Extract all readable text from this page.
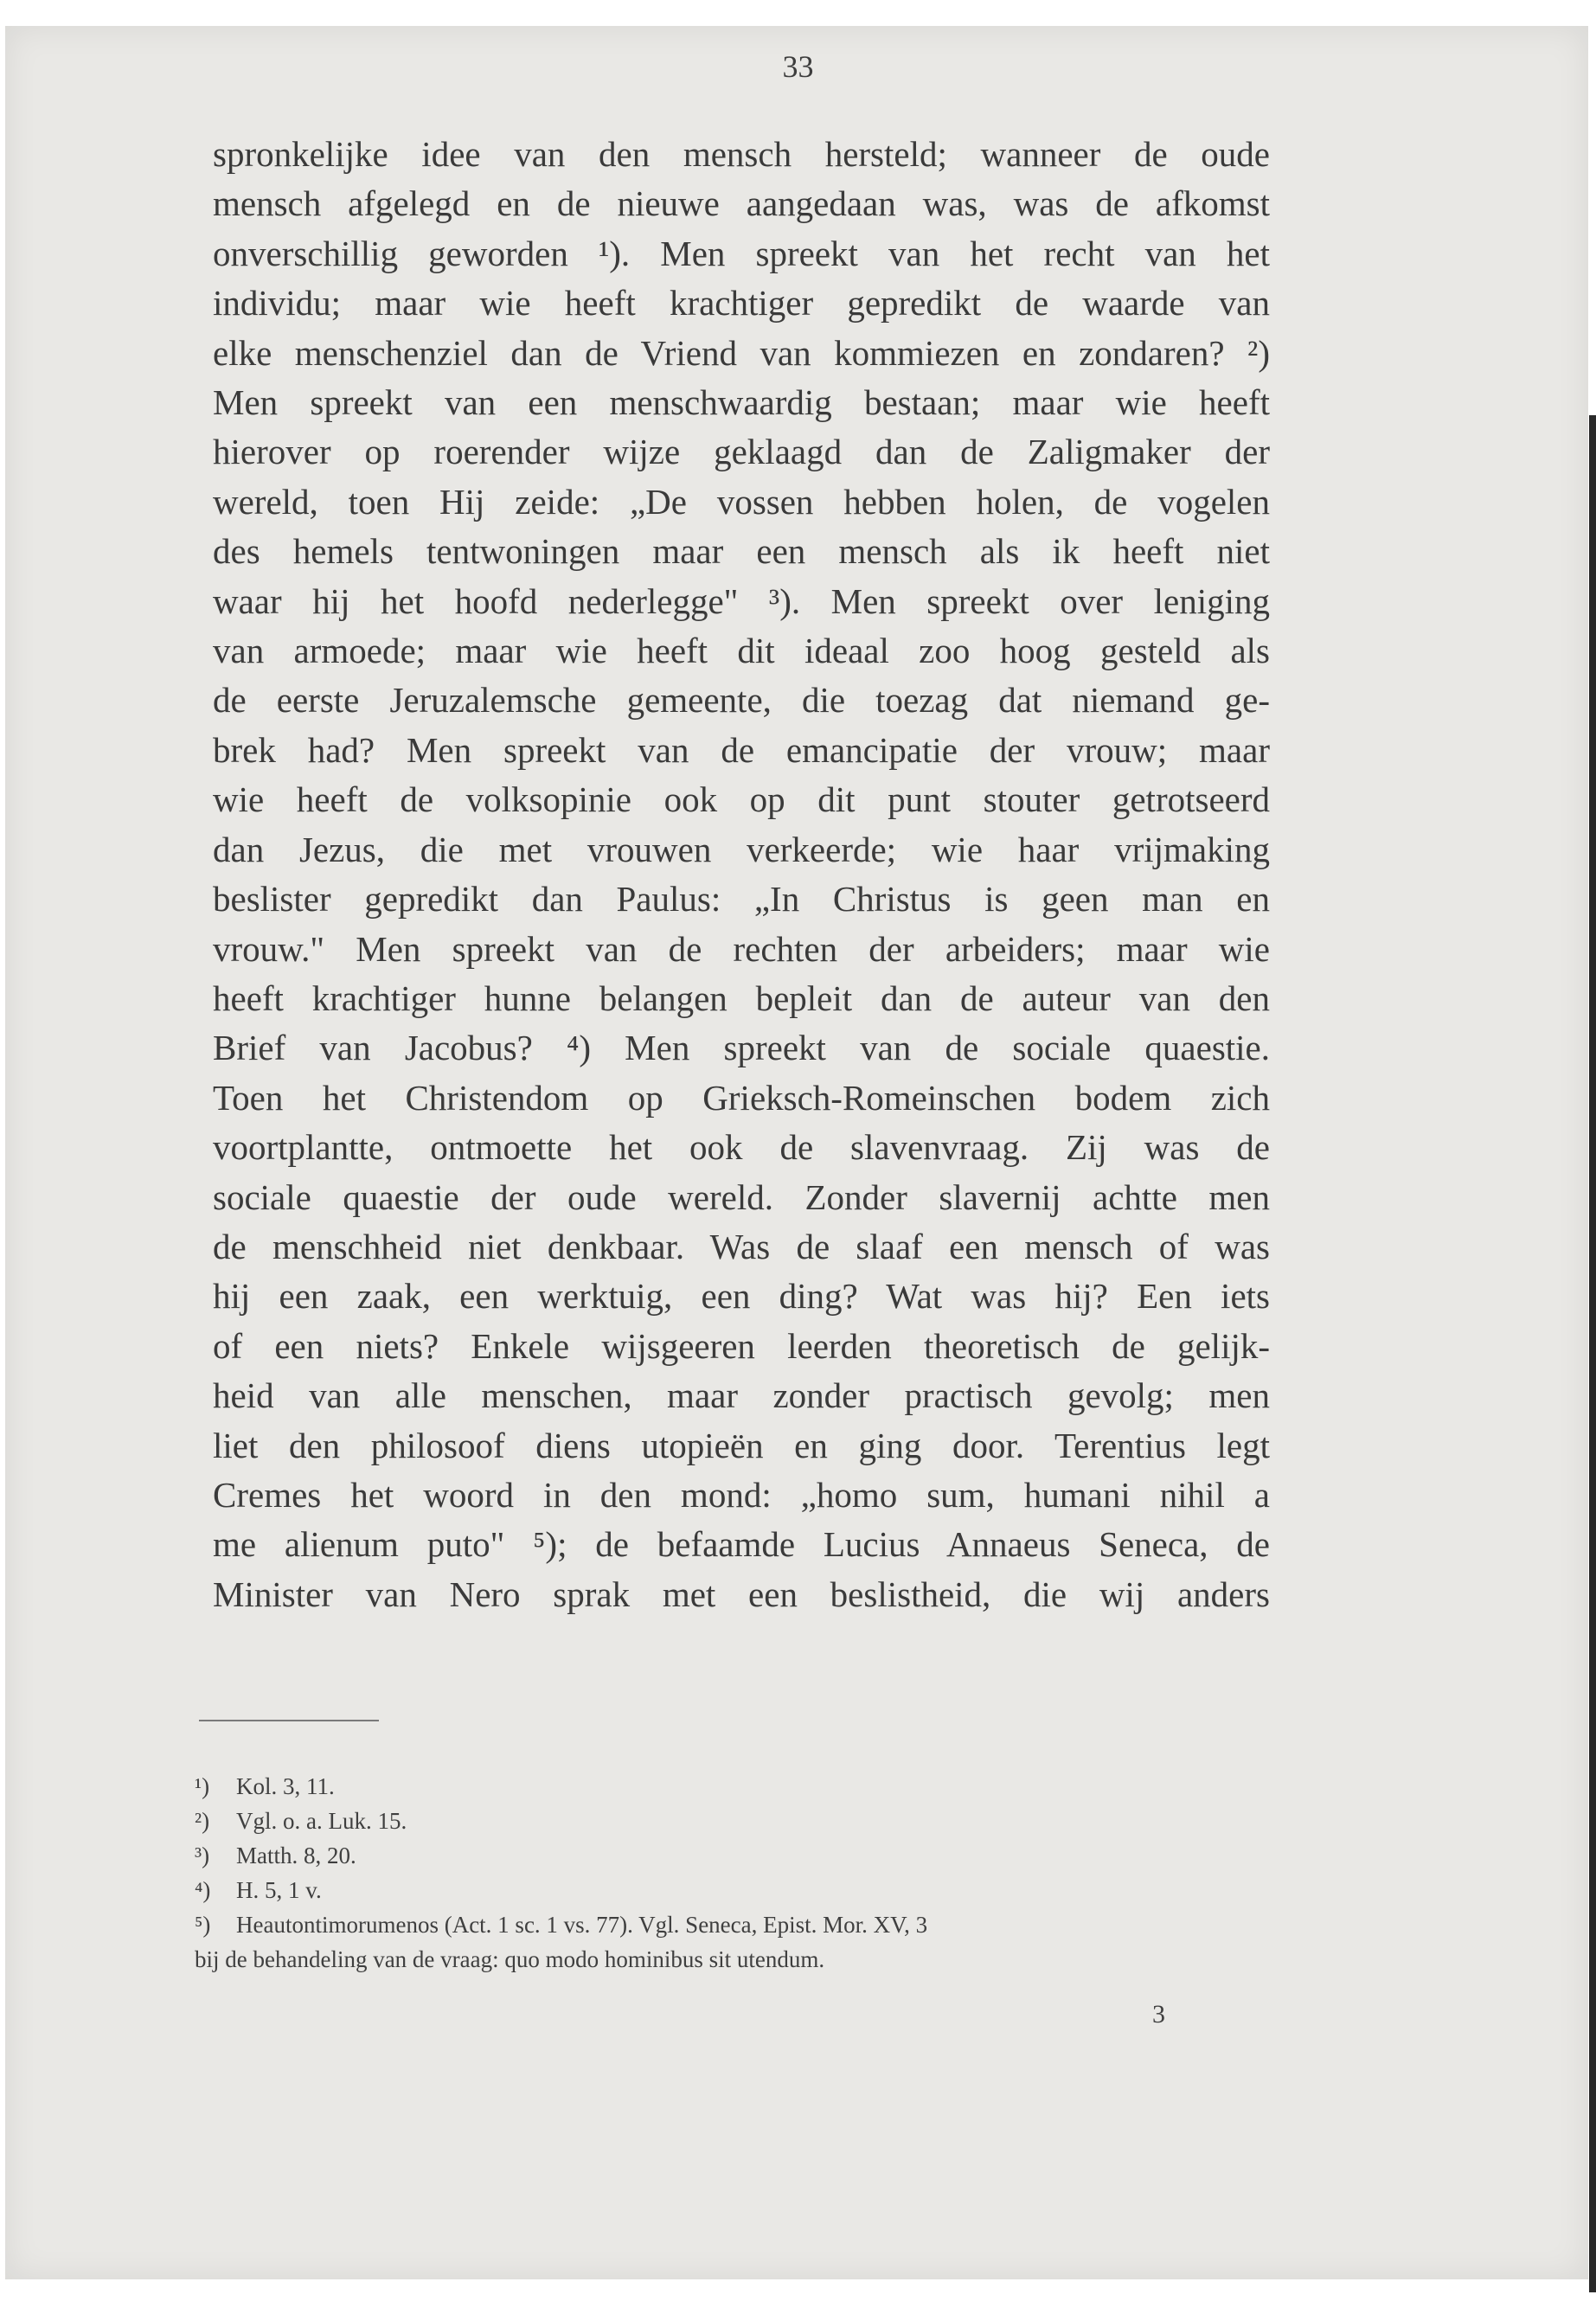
33
spronkelijke idee van den mensch hersteld; wanneer de oude
mensch afgelegd en de nieuwe aangedaan was, was de afkomst
onverschillig geworden ¹). Men spreekt van het recht van het
individu; maar wie heeft krachtiger gepredikt de waarde van
elke menschenziel dan de Vriend van kommiezen en zondaren? ²)
Men spreekt van een menschwaardig bestaan; maar wie heeft
hierover op roerender wijze geklaagd dan de Zaligmaker der
wereld, toen Hij zeide: „De vossen hebben holen, de vogelen
des hemels tentwoningen maar een mensch als ik heeft niet
waar hij het hoofd nederlegge" ³). Men spreekt over leniging
van armoede; maar wie heeft dit ideaal zoo hoog gesteld als
de eerste Jeruzalemsche gemeente, die toezag dat niemand ge-
brek had? Men spreekt van de emancipatie der vrouw; maar
wie heeft de volksopinie ook op dit punt stouter getrotseerd
dan Jezus, die met vrouwen verkeerde; wie haar vrijmaking
beslister gepredikt dan Paulus: „In Christus is geen man en
vrouw." Men spreekt van de rechten der arbeiders; maar wie
heeft krachtiger hunne belangen bepleit dan de auteur van den
Brief van Jacobus? ⁴) Men spreekt van de sociale quaestie.
Toen het Christendom op Grieksch-Romeinschen bodem zich
voortplantte, ontmoette het ook de slavenvraag. Zij was de
sociale quaestie der oude wereld. Zonder slavernij achtte men
de menschheid niet denkbaar. Was de slaaf een mensch of was
hij een zaak, een werktuig, een ding? Wat was hij? Een iets
of een niets? Enkele wijsgeeren leerden theoretisch de gelijk-
heid van alle menschen, maar zonder practisch gevolg; men
liet den philosoof diens utopieën en ging door. Terentius legt
Cremes het woord in den mond: „homo sum, humani nihil a
me alienum puto" ⁵); de befaamde Lucius Annaeus Seneca, de
Minister van Nero sprak met een beslistheid, die wij anders
¹) Kol. 3, 11.
²) Vgl. o. a. Luk. 15.
³) Matth. 8, 20.
⁴) H. 5, 1 v.
⁵) Heautontimorumenos (Act. 1 sc. 1 vs. 77). Vgl. Seneca, Epist. Mor. XV, 3
bij de behandeling van de vraag: quo modo hominibus sit utendum.
3
